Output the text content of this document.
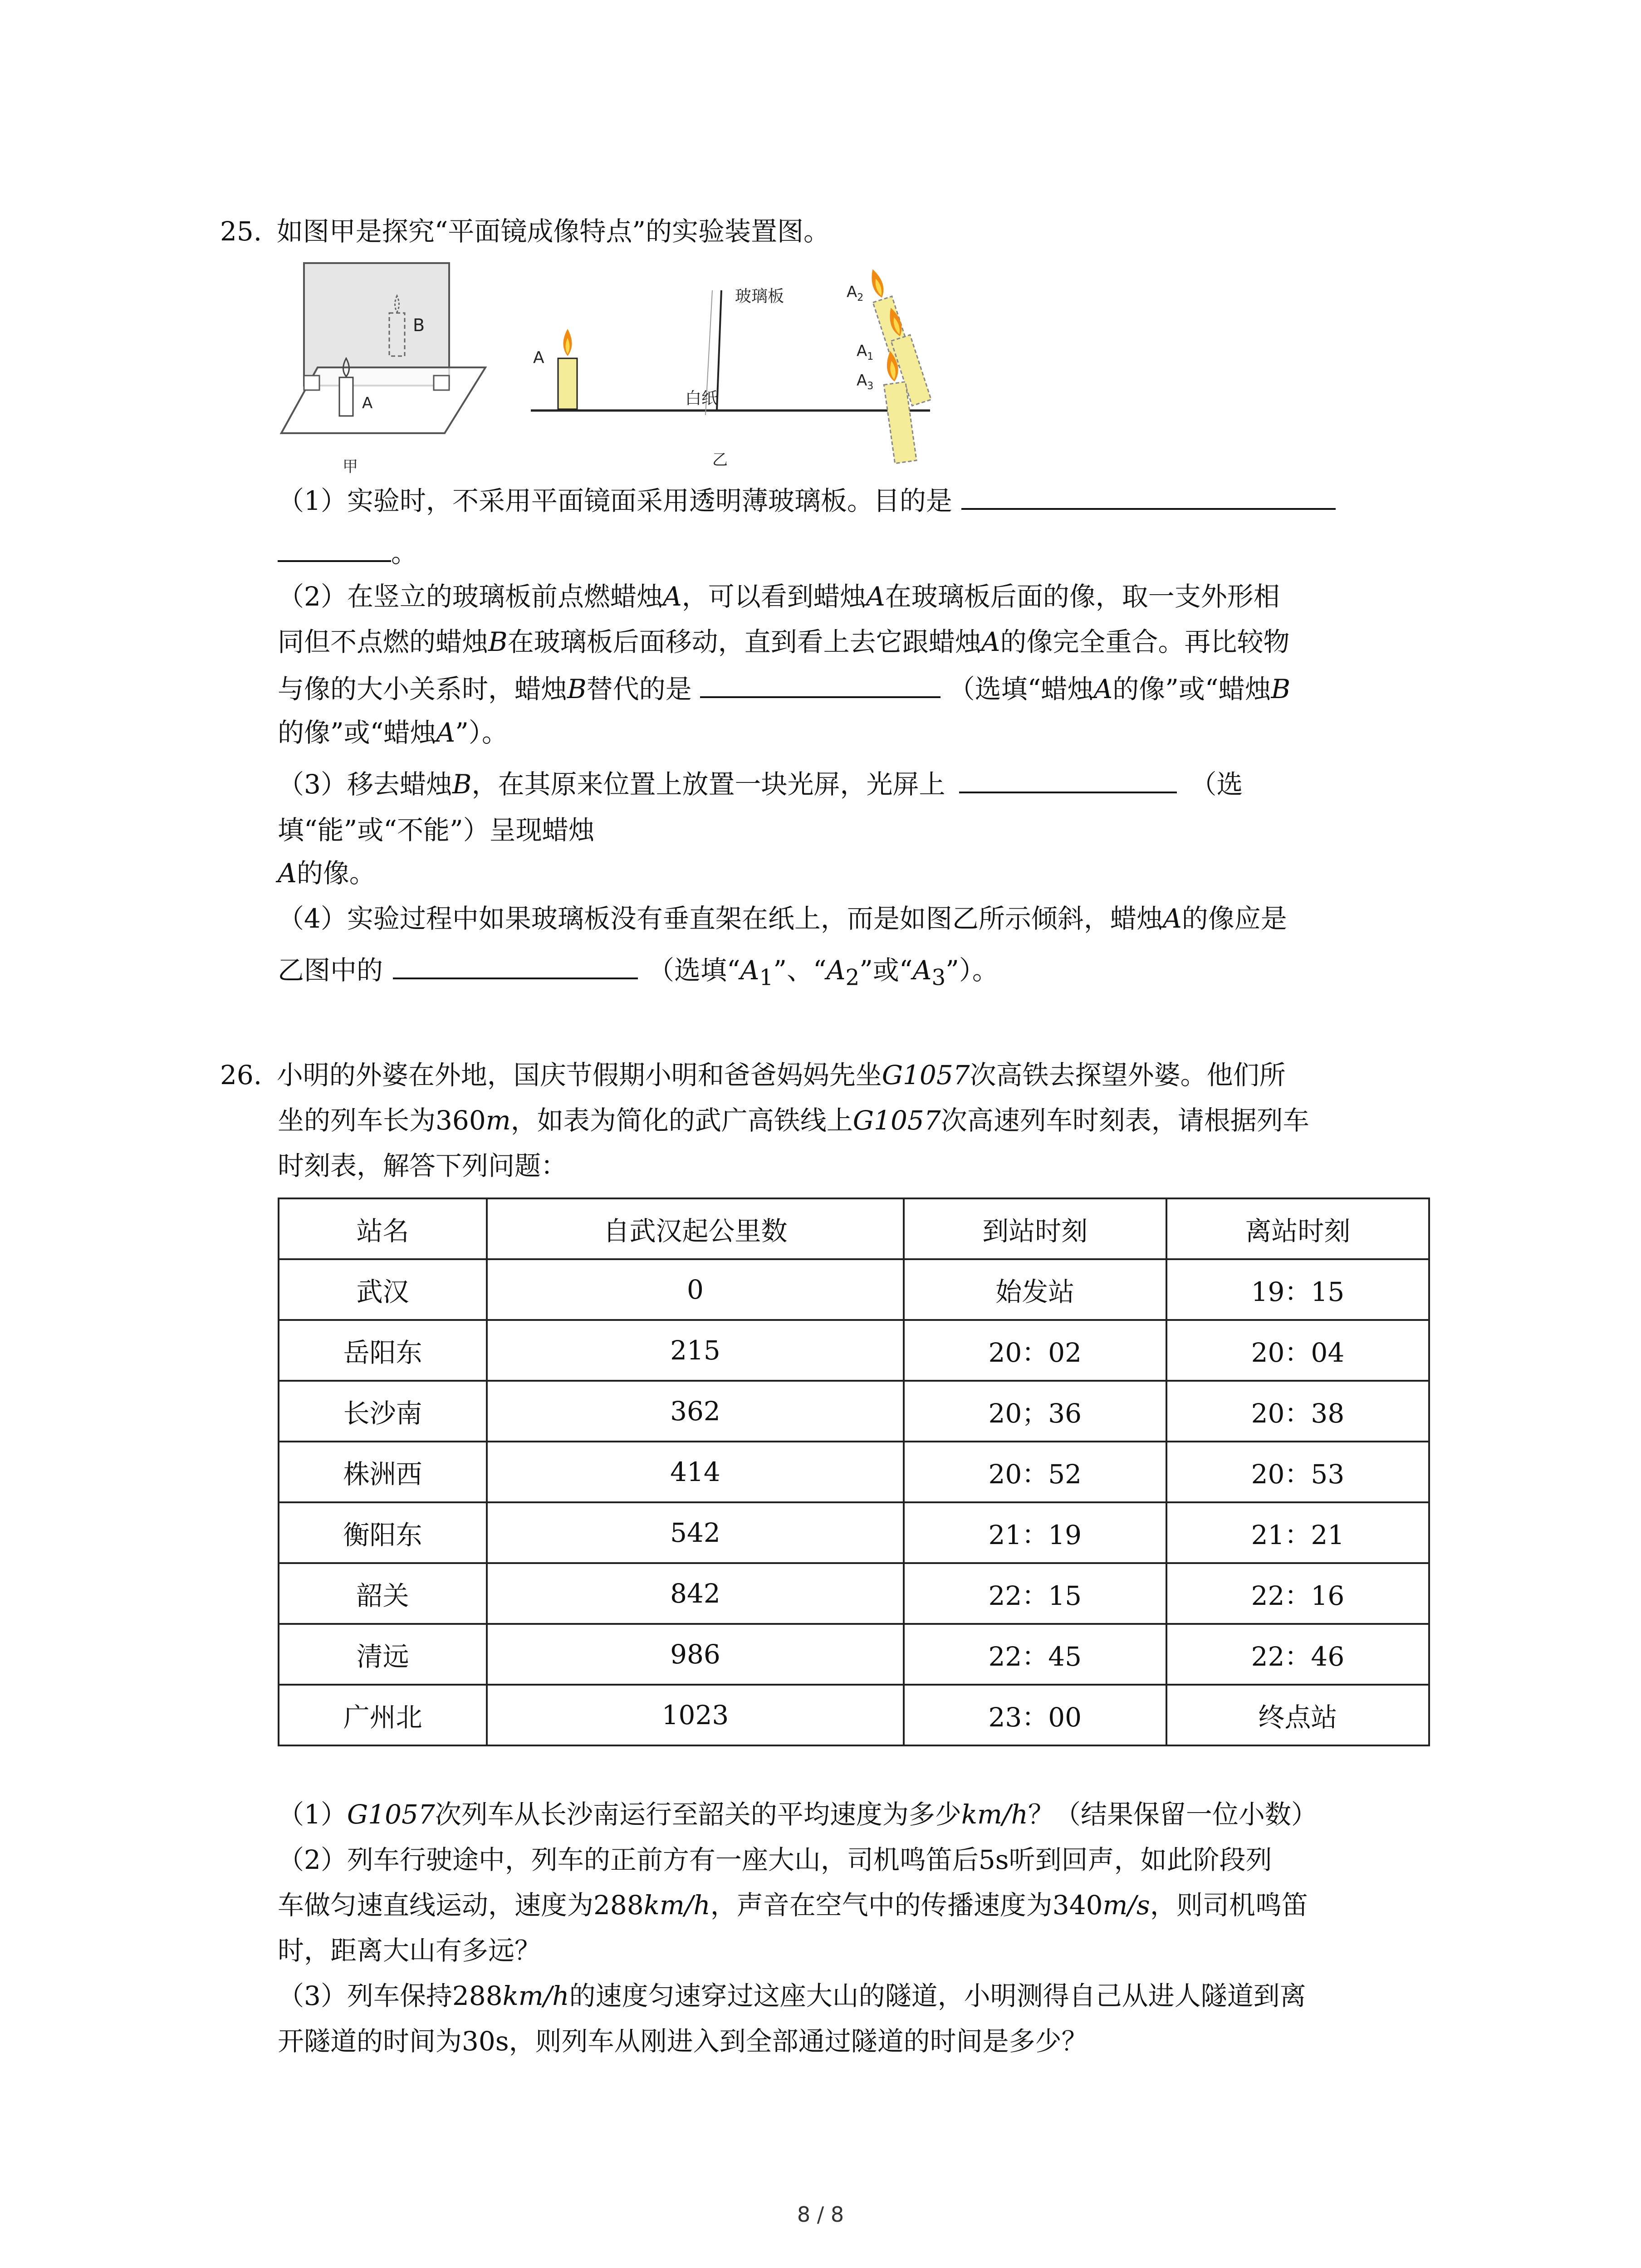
25. 如图甲是探究“平面镜成像特点”的实验装置图。
B
A
甲
玻璃板
白纸
乙
A
$A_2$
$A_1$
$A_3$
（1）实验时，不采用平面镜面采用透明薄玻璃板。目的是
。
（2）在竖立的玻璃板前点燃蜡烛A，可以看到蜡烛A在玻璃板后面的像，取一支外形相
同但不点燃的蜡烛B在玻璃板后面移动，直到看上去它跟蜡烛A的像完全重合。再比较物
与像的大小关系时，蜡烛B替代的是	（选填“蜡烛A的像”或“蜡烛B
的像”或“蜡烛A”）。
（3）移去蜡烛B，在其原来位置上放置一块光屏，光屏上	（选
填“能”或“不能”）呈现蜡烛
A的像。
（4）实验过程中如果玻璃板没有垂直架在纸上，而是如图乙所示倾斜，蜡烛A的像应是
乙图中的	（选填“$A_1$”、“$A_2$”或“$A_3$”）。
26. 小明的外婆在外地，国庆节假期小明和爸爸妈妈先坐G1057次高铁去探望外婆。他们所
坐的列车长为360m，如表为简化的武广高铁线上G1057次高速列车时刻表，请根据列车
时刻表，解答下列问题：
站名	自武汉起公里数	到站时刻	离站时刻
武汉	0	始发站	19：15
岳阳东	215	20：02	20：04
长沙南	362	20；36	20：38
株洲西	414	20：52	20：53
衡阳东	542	21：19	21：21
韶关	842	22：15	22：16
清远	986	22：45	22：46
广州北	1023	23：00	终点站
（1）G1057次列车从长沙南运行至韶关的平均速度为多少km/h？（结果保留一位小数）
（2）列车行驶途中，列车的正前方有一座大山，司机鸣笛后5s听到回声，如此阶段列
车做匀速直线运动，速度为288km/h，声音在空气中的传播速度为340m/s，则司机鸣笛
时，距离大山有多远？
（3）列车保持288km/h的速度匀速穿过这座大山的隧道，小明测得自己从进人隧道到离
开隧道的时间为30s，则列车从刚进入到全部通过隧道的时间是多少？
8 / 8
